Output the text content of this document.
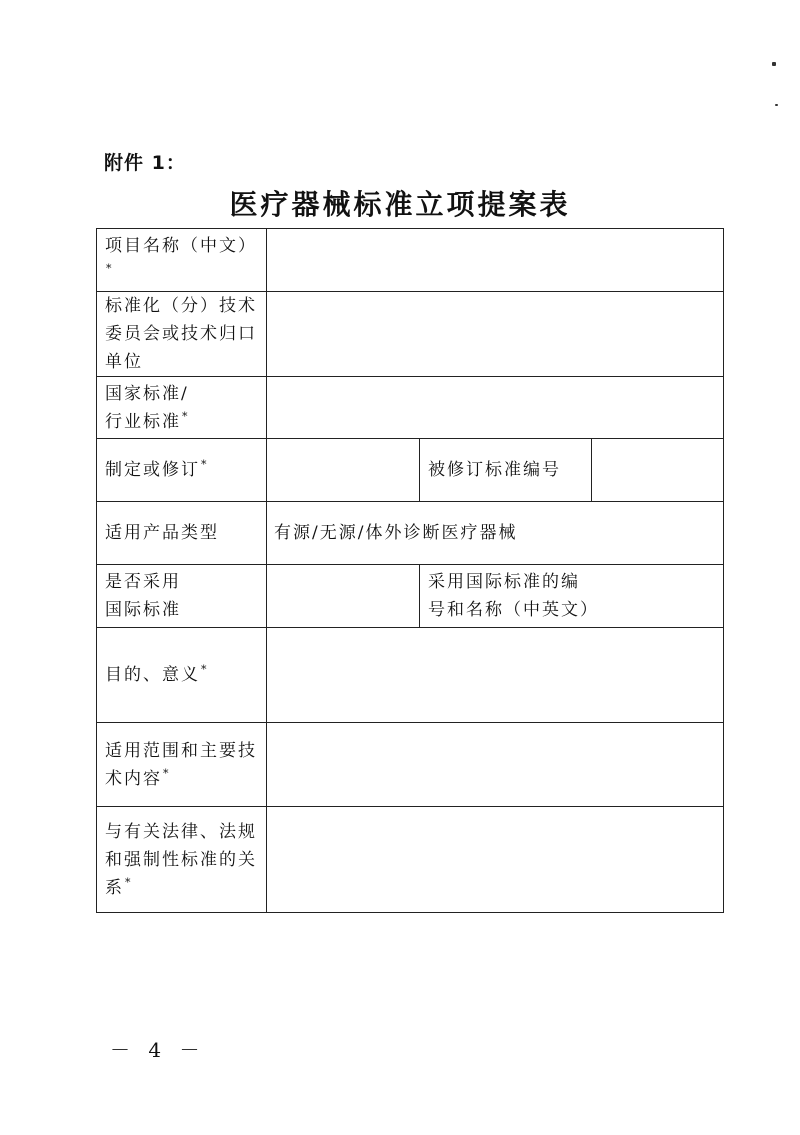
附件 1：
医疗器械标准立项提案表
项目名称（中文）*	
标准化（分）技术委员会或技术归口单位			

国家标准/
行业标准*	
制定或修订*		被修订标准编号	
适用产品类型	有源/无源/体外诊断医疗器械		

是否采用
国际标准		采用国际标准的编号和名称（中英文）	

目的、意义*	
适用范围和主要技术内容*	
与有关法律、法规和强制性标准的关系*	
－ 4 －
